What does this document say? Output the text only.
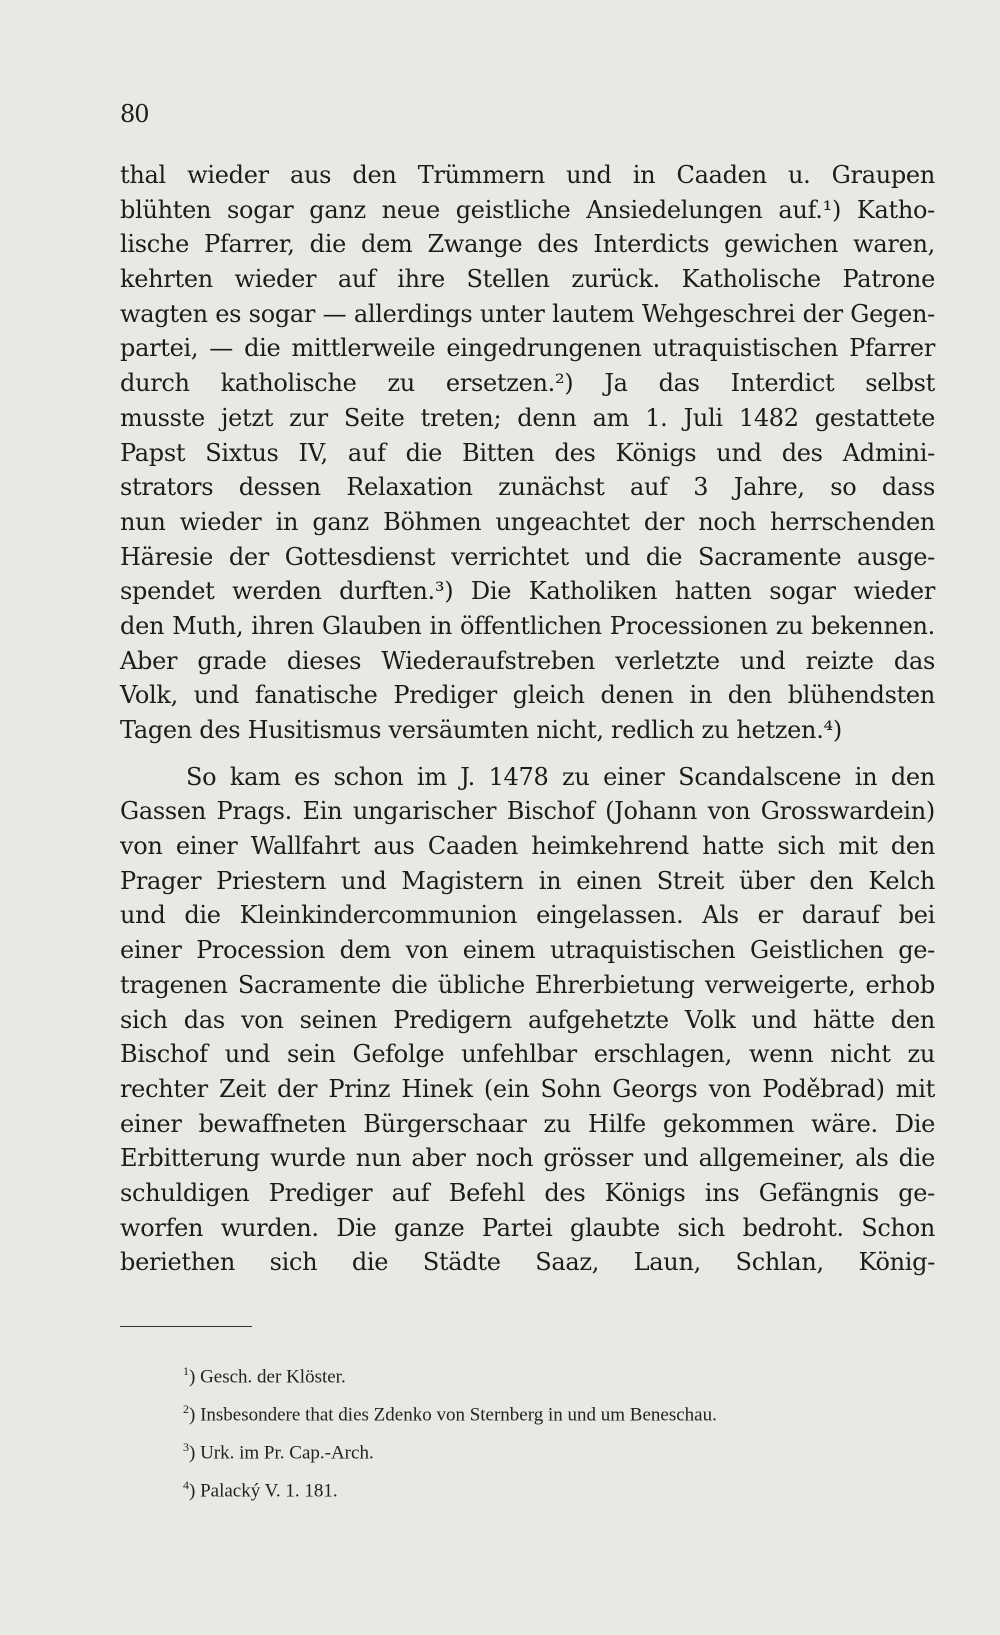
80
thal wieder aus den Trümmern und in Caaden u. Graupen
blühten sogar ganz neue geistliche Ansiedelungen auf.¹) Katho-
lische Pfarrer, die dem Zwange des Interdicts gewichen waren,
kehrten wieder auf ihre Stellen zurück. Katholische Patrone
wagten es sogar — allerdings unter lautem Wehgeschrei der Gegen-
partei, — die mittlerweile eingedrungenen utraquistischen Pfarrer
durch katholische zu ersetzen.²) Ja das Interdict selbst
musste jetzt zur Seite treten; denn am 1. Juli 1482 gestattete
Papst Sixtus IV, auf die Bitten des Königs und des Admini-
strators dessen Relaxation zunächst auf 3 Jahre, so dass
nun wieder in ganz Böhmen ungeachtet der noch herrschenden
Häresie der Gottesdienst verrichtet und die Sacramente ausge-
spendet werden durften.³) Die Katholiken hatten sogar wieder
den Muth, ihren Glauben in öffentlichen Processionen zu bekennen.
Aber grade dieses Wiederaufstreben verletzte und reizte das
Volk, und fanatische Prediger gleich denen in den blühendsten
Tagen des Husitismus versäumten nicht, redlich zu hetzen.⁴)
So kam es schon im J. 1478 zu einer Scandalscene in den
Gassen Prags. Ein ungarischer Bischof (Johann von Grosswardein)
von einer Wallfahrt aus Caaden heimkehrend hatte sich mit den
Prager Priestern und Magistern in einen Streit über den Kelch
und die Kleinkindercommunion eingelassen. Als er darauf bei
einer Procession dem von einem utraquistischen Geistlichen ge-
tragenen Sacramente die übliche Ehrerbietung verweigerte, erhob
sich das von seinen Predigern aufgehetzte Volk und hätte den
Bischof und sein Gefolge unfehlbar erschlagen, wenn nicht zu
rechter Zeit der Prinz Hinek (ein Sohn Georgs von Poděbrad) mit
einer bewaffneten Bürgerschaar zu Hilfe gekommen wäre. Die
Erbitterung wurde nun aber noch grösser und allgemeiner, als die
schuldigen Prediger auf Befehl des Königs ins Gefängnis ge-
worfen wurden. Die ganze Partei glaubte sich bedroht. Schon
beriethen sich die Städte Saaz, Laun, Schlan, König-
$^1$) Gesch. der Klöster.
$^2$) Insbesondere that dies Zdenko von Sternberg in und um Beneschau.
$^3$) Urk. im Pr. Cap.-Arch.
$^4$) Palacký V. 1. 181.
